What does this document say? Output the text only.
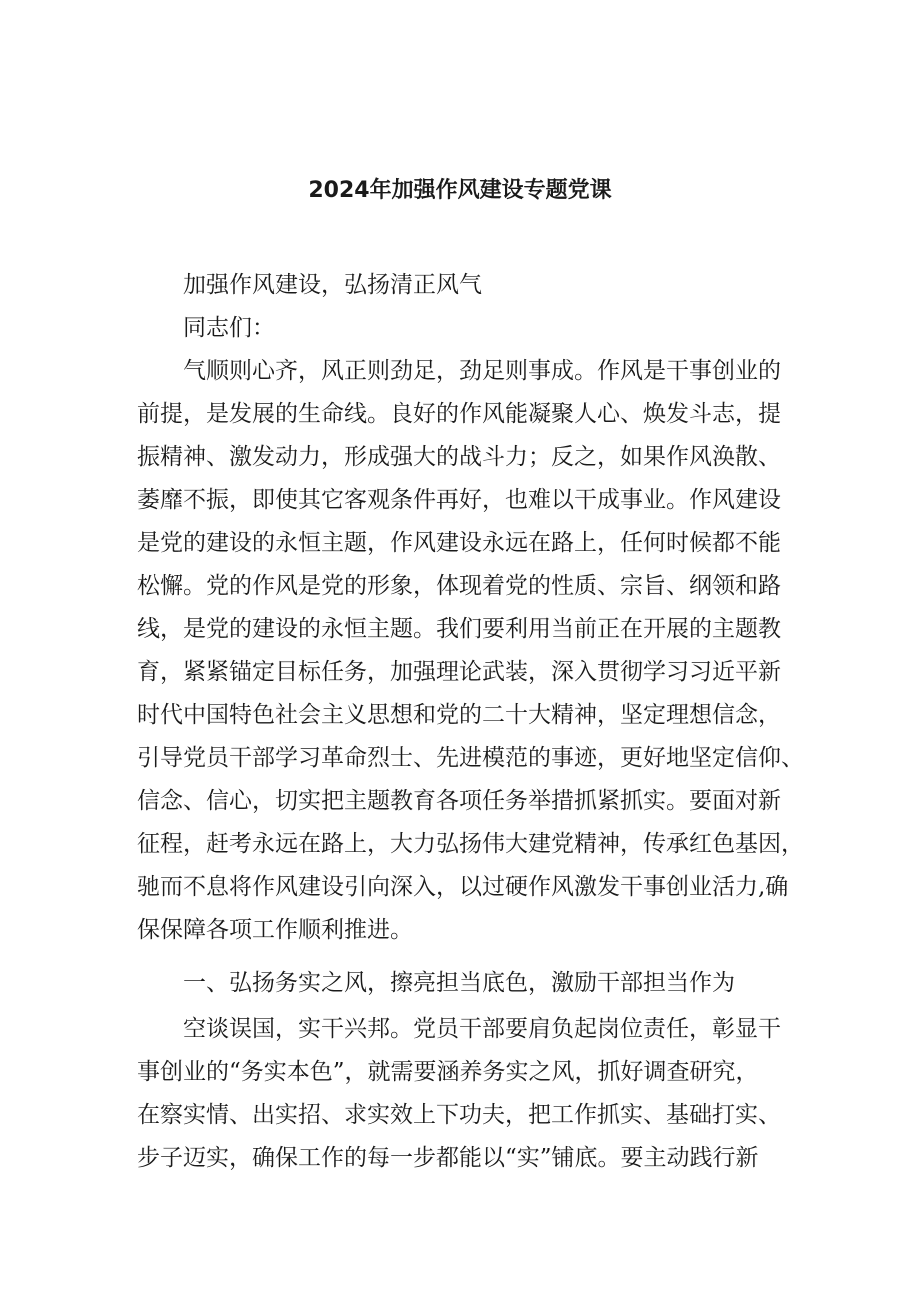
2024年加强作风建设专题党课
加强作风建设，弘扬清正风气
同志们：
气顺则心齐，风正则劲足，劲足则事成。作风是干事创业的
前提，是发展的生命线。良好的作风能凝聚人心、焕发斗志，提
振精神、激发动力，形成强大的战斗力；反之，如果作风涣散、
萎靡不振，即使其它客观条件再好，也难以干成事业。作风建设
是党的建设的永恒主题，作风建设永远在路上，任何时候都不能
松懈。党的作风是党的形象，体现着党的性质、宗旨、纲领和路
线，是党的建设的永恒主题。我们要利用当前正在开展的主题教
育，紧紧锚定目标任务，加强理论武装，深入贯彻学习习近平新
时代中国特色社会主义思想和党的二十大精神，坚定理想信念，
引导党员干部学习革命烈士、先进模范的事迹，更好地坚定信仰、
信念、信心，切实把主题教育各项任务举措抓紧抓实。要面对新
征程，赶考永远在路上，大力弘扬伟大建党精神，传承红色基因，
驰而不息将作风建设引向深入，以过硬作风激发干事创业活力,确
保保障各项工作顺利推进。
一、弘扬务实之风，擦亮担当底色，激励干部担当作为
空谈误国，实干兴邦。党员干部要肩负起岗位责任，彰显干
事创业的“务实本色”，就需要涵养务实之风，抓好调查研究，
在察实情、出实招、求实效上下功夫，把工作抓实、基础打实、
步子迈实，确保工作的每一步都能以“实”铺底。要主动践行新
